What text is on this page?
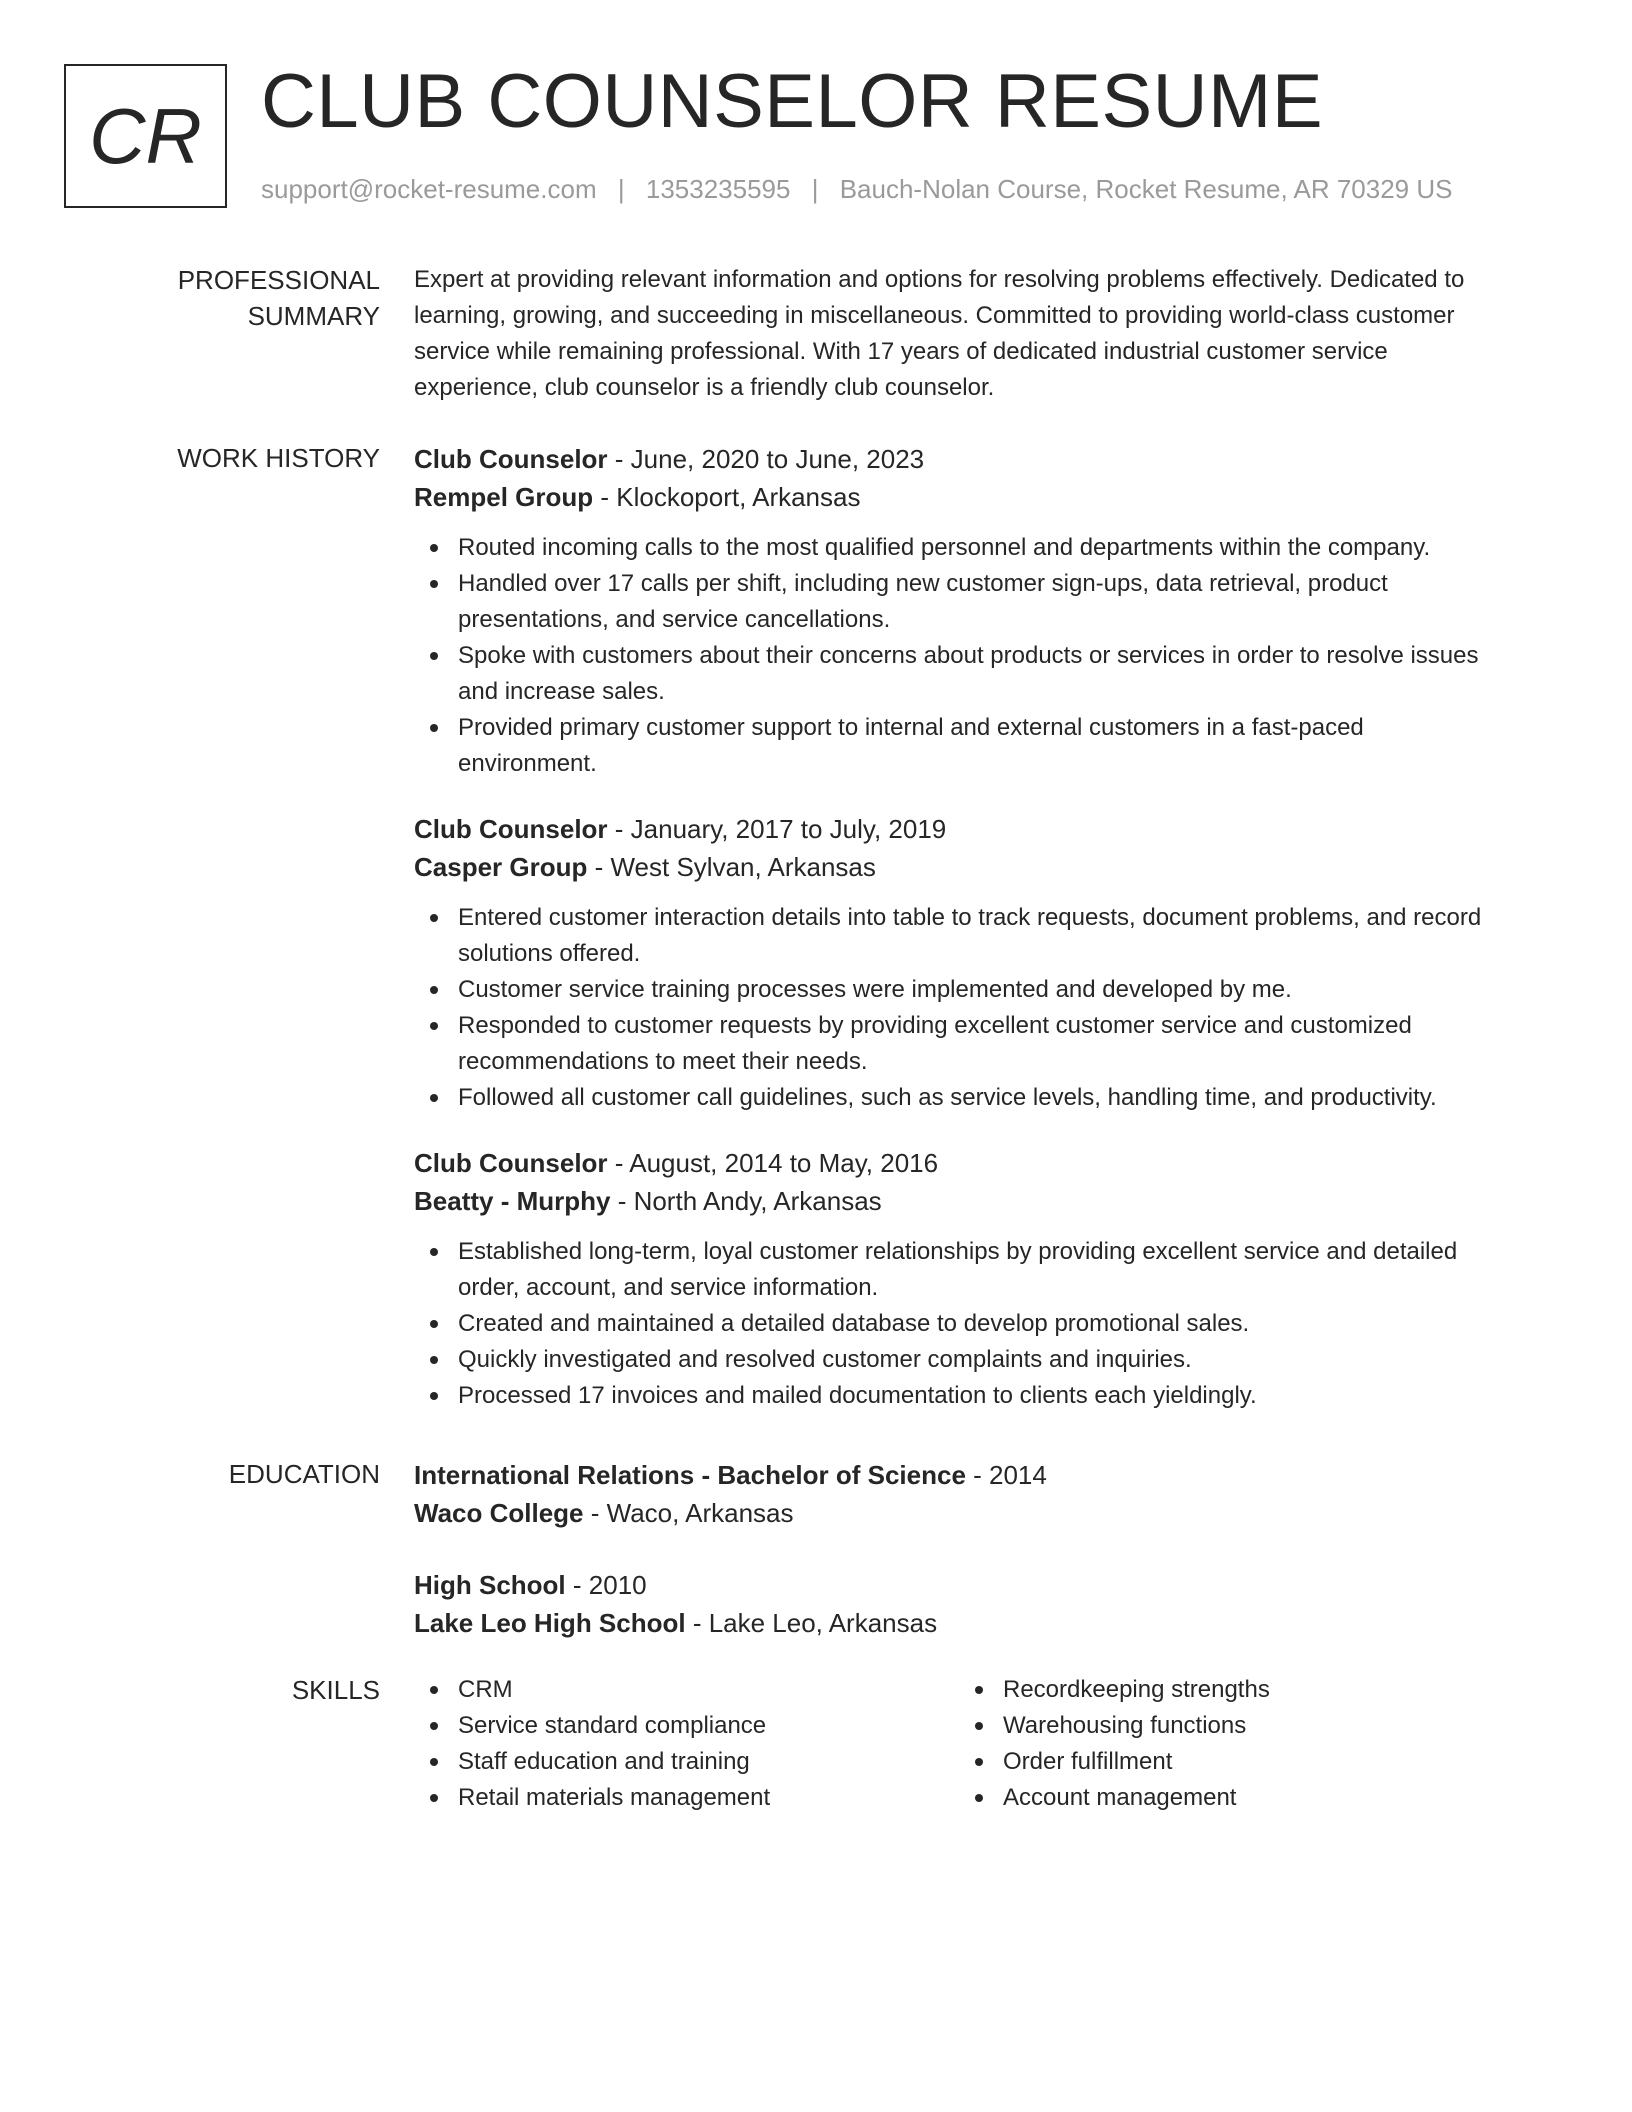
CR CLUB COUNSELOR RESUME
support@rocket-resume.com | 1353235595 | Bauch-Nolan Course, Rocket Resume, AR 70329 US
PROFESSIONAL SUMMARY

Expert at providing relevant information and options for resolving problems effectively. Dedicated to learning, growing, and succeeding in miscellaneous. Committed to providing world-class customer service while remaining professional. With 17 years of dedicated industrial customer service experience, club counselor is a friendly club counselor.

WORK HISTORY	Club Counselor - June, 2020 to June, 2023
Rempel Group - Klockoport, Arkansas
Routed incoming calls to the most qualified personnel and departments within the company.
Handled over 17 calls per shift, including new customer sign-ups, data retrieval, product presentations, and service cancellations.
Spoke with customers about their concerns about products or services in order to resolve issues and increase sales.
Provided primary customer support to internal and external customers in a fast-paced environment.
Club Counselor - January, 2017 to July, 2019
Casper Group - West Sylvan, Arkansas
Entered customer interaction details into table to track requests, document problems, and record solutions offered.
Customer service training processes were implemented and developed by me.
Responded to customer requests by providing excellent customer service and customized recommendations to meet their needs.
Followed all customer call guidelines, such as service levels, handling time, and productivity.
Club Counselor - August, 2014 to May, 2016
Beatty - Murphy - North Andy, Arkansas
Established long-term, loyal customer relationships by providing excellent service and detailed order, account, and service information.
Created and maintained a detailed database to develop promotional sales.
Quickly investigated and resolved customer complaints and inquiries.
Processed 17 invoices and mailed documentation to clients each yieldingly.
EDUCATION	International Relations - Bachelor of Science - 2014
Waco College - Waco, Arkansas
High School - 2010
Lake Leo High School - Lake Leo, Arkansas
SKILLS	CRM
Service standard compliance
Staff education and training
Retail materials management
Recordkeeping strengths
Warehousing functions
Order fulfillment
Account management
